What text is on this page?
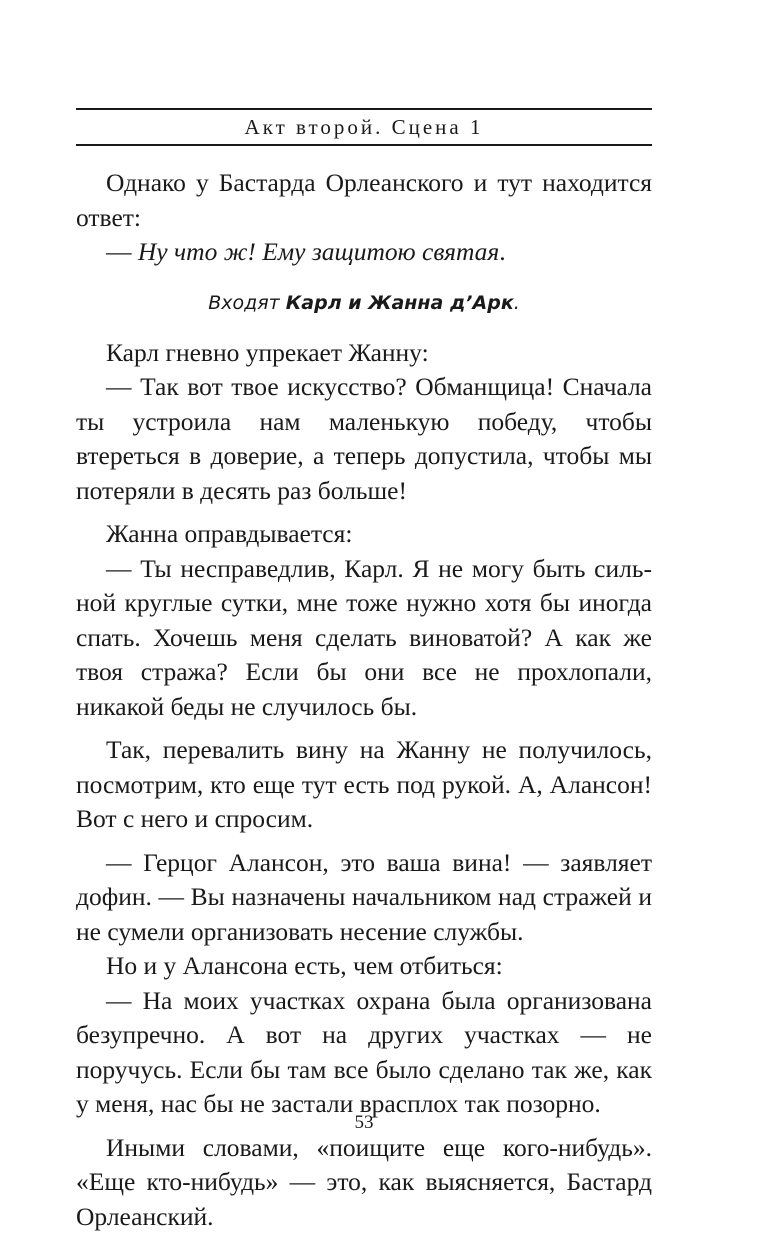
Акт второй. Сцена 1

Однако у Бастарда Орлеанского и тут находится ответ:

— Ну что ж! Ему защитою святая.

Входят Карл и Жанна д’Арк.

Карл гневно упрекает Жанну:

— Так вот твое искусство? Обманщица! Сначала ты устроила нам маленькую победу, чтобы втереться в доверие, а теперь допустила, чтобы мы потеряли в десять раз больше!

Жанна оправдывается:

— Ты несправедлив, Карл. Я не могу быть сильной круглые сутки, мне тоже нужно хотя бы иногда спать. Хочешь меня сделать виноватой? А как же твоя стража? Если бы они все не прохлопали, никакой беды не случилось бы.

Так, перевалить вину на Жанну не получилось, посмотрим, кто еще тут есть под рукой. А, Алансон! Вот с него и спросим.

— Герцог Алансон, это ваша вина! — заявляет дофин. — Вы назначены начальником над стражей и не сумели организовать несение службы.

Но и у Алансона есть, чем отбиться:

— На моих участках охрана была организована безупречно. А вот на других участках — не поручусь. Если бы там все было сделано так же, как у меня, нас бы не застали врасплох так позорно.

Иными словами, «поищите еще кого-нибудь». «Еще кто-нибудь» — это, как выясняется, Бастард Орлеанский.

53
